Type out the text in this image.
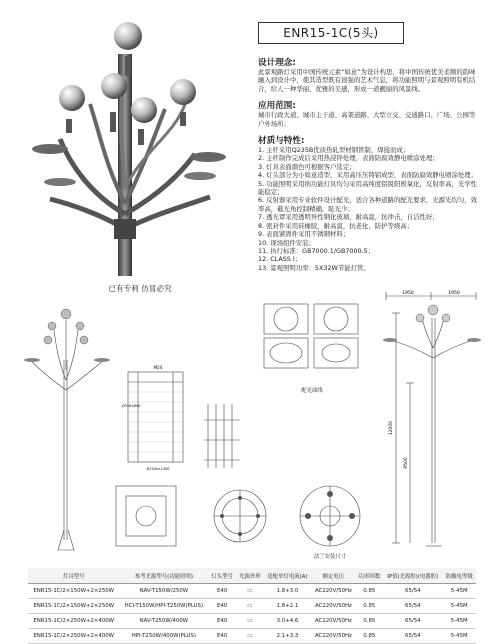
ENR15-1C(5头)
已有专利 仿冒必究
设计理念:
此景观路灯采用中国传统元素“如意”为设计构思，将中国传统优美柔顺的韵味融入到设计中，使其造型既有很强的艺术气息，将功能照明与景观照明有机结合，给人一种华丽、优雅的美感，形成一道靓丽的风景线。
应用范围:
城市行政大道、城市主干道、高架道路、大型立交、交通路口、广场、公园等户外场所；
材质与特性:
1. 主杆采用Q235B优质热轧型材钢管制，焊接而成；
2. 主杆制作完成后采用热浸锌处理，表面防腐效静电喷涂处理；
3. 灯具表面颜色可根据客户选定；
4. 灯头部分为小如意造型，采用高压压铸铝成型，表面防腐效静电喷涂处理；
5. 功能照明采用纳功能灯具均匀采用高纯度铝锐阳极氧化，反射率高，光学性能稳定；
6. 反射器采用专业软件设计配光，适合各种道路的配光要求，光源光均匀，效率高，截光角控制精确，眩光少；
7. 透光罩采用透明异性钢化玻璃，耐高温，抗冲击，自洁性好；
8. 密封件采用硅橡胶，耐高温，抗老化，防护等级高；
9. 表面紧固件采用不锈钢材料；
10. 现场组件安装；
11. 执行标准：GB7000.1/GB7000.5；
12. CLASS I；
13. 景观照明功率：5X32W节能灯管。
M24
Ø316×800
Ø1300×1300
配光曲线
1950	1950
12000
9500
法兰安装尺寸
灯具型号	参考光源型号(功能照明)	灯头型号	光源外形	适配单灯电流(A)	额定电压	功率因数	IP值(光源腔)(电器腔)	防触电等级
ENR15-1C/2×150W+2×250W	NAV-T150W/250W	E40	▭	1.8+3.0	AC220V/50Hz	0.85	65/54	5-45M
ENR15-1C/2×150W+2×250W	HCI-T150W/HPI-T250W(PLUS)	E40	▭	1.8+2.1	AC220V/50Hz	0.85	65/54	5-45M
ENR15-1C/2×250W+2×400W	NAV-T250W/400W	E40	▭	3.0+4.6	AC220V/50Hz	0.85	65/54	5-45M
ENR15-1C/2×250W+2×400W	HPI-T250W/400W(PLUS)	E40	▭	2.1+3.3	AC220V/50Hz	0.85	65/54	5-45M
